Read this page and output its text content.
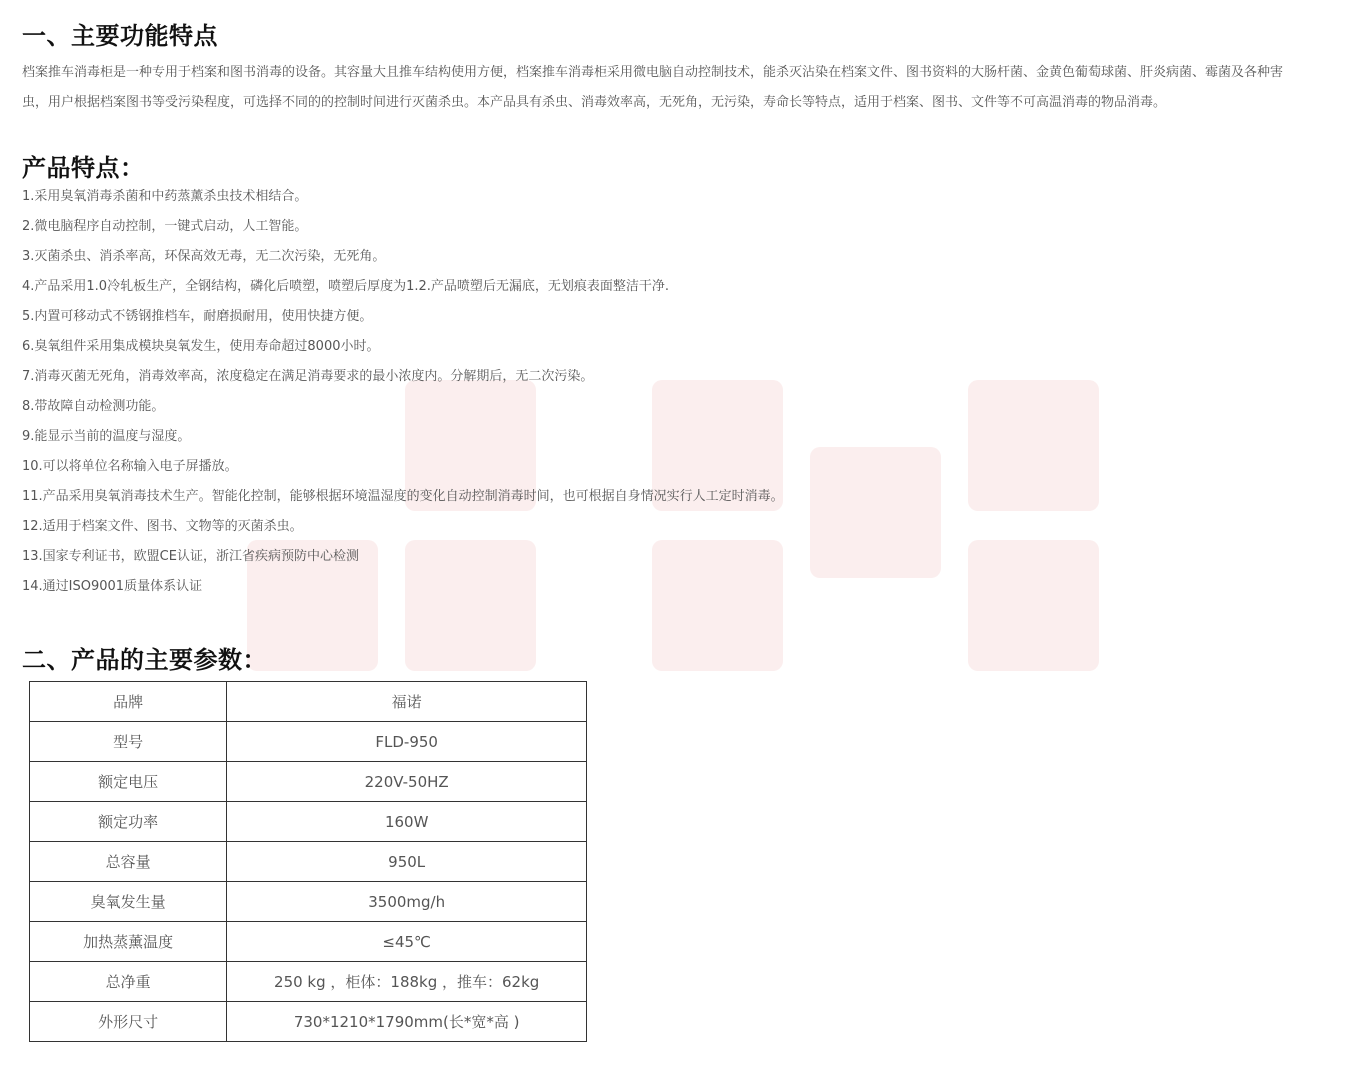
一、主要功能特点

档案推车消毒柜是一种专用于档案和图书消毒的设备。其容量大且推车结构使用方便，档案推车消毒柜采用微电脑自动控制技术，能杀灭沾染在档案文件、图书资料的大肠杆菌、金黄色葡萄球菌、肝炎病菌、霉菌及各种害虫，用户根据档案图书等受污染程度，可选择不同的的控制时间进行灭菌杀虫。本产品具有杀虫、消毒效率高，无死角，无污染，寿命长等特点，适用于档案、图书、文件等不可高温消毒的物品消毒。

产品特点：
1.采用臭氧消毒杀菌和中药蒸薰杀虫技术相结合。
2.微电脑程序自动控制，一键式启动，人工智能。
3.灭菌杀虫、消杀率高，环保高效无毒，无二次污染，无死角。
4.产品采用1.0冷轧板生产，全钢结构，磷化后喷塑，喷塑后厚度为1.2.产品喷塑后无漏底，无划痕表面整洁干净.
5.内置可移动式不锈钢推档车，耐磨损耐用，使用快捷方便。
6.臭氧组件采用集成模块臭氧发生，使用寿命超过8000小时。
7.消毒灭菌无死角，消毒效率高，浓度稳定在满足消毒要求的最小浓度内。分解期后，无二次污染。
8.带故障自动检测功能。
9.能显示当前的温度与湿度。
10.可以将单位名称输入电子屏播放。
11.产品采用臭氧消毒技术生产。智能化控制，能够根据环境温湿度的变化自动控制消毒时间，也可根据自身情况实行人工定时消毒。
12.适用于档案文件、图书、文物等的灭菌杀虫。
13.国家专利证书，欧盟CE认证，浙江省疾病预防中心检测
14.通过ISO9001质量体系认证
二、产品的主要参数：
品牌	福诺
型号	FLD-950
额定电压	220V-50HZ
额定功率	160W
总容量	950L
臭氧发生量	3500mg/h
加热蒸薰温度	≤45℃
总净重	250 kg ，柜体：188kg ，推车：62kg
外形尺寸	730*1210*1790mm(长*宽*高 )
